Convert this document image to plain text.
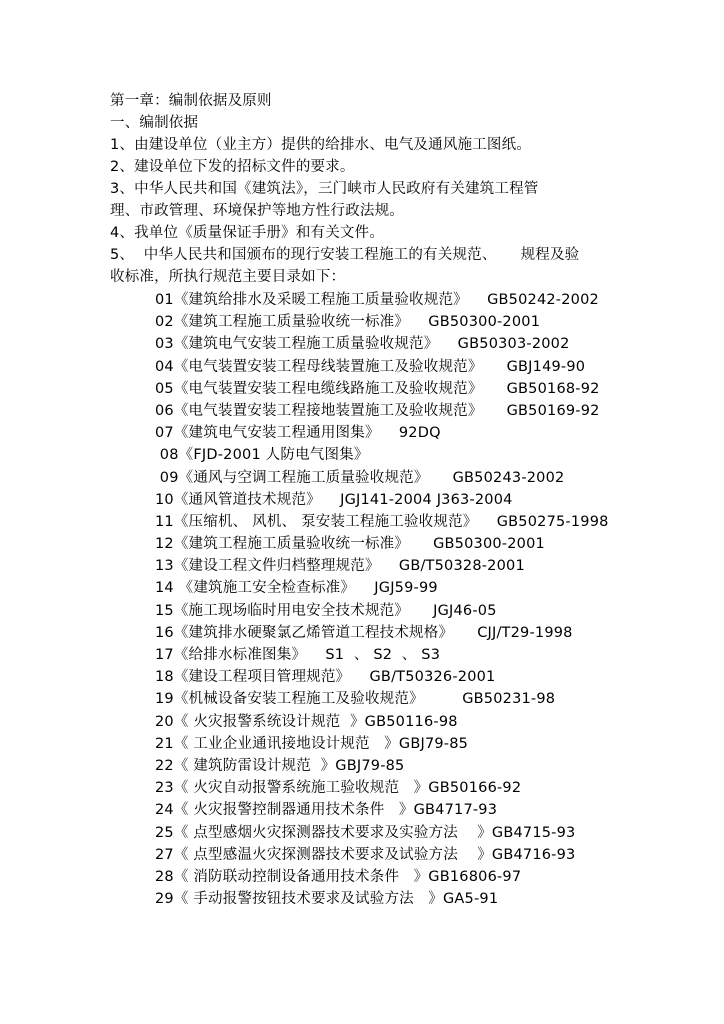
第一章：编制依据及原则
一、编制依据
1、由建设单位（业主方）提供的给排水、电气及通风施工图纸。
2、建设单位下发的招标文件的要求。
3、中华人民共和国《建筑法》，三门峡市人民政府有关建筑工程管
理、市政管理、环境保护等地方性行政法规。
4、我单位《质量保证手册》和有关文件。
5、  中华人民共和国颁布的现行安装工程施工的有关规范、     规程及验
收标准，所执行规范主要目录如下：
01《建筑给排水及采暖工程施工质量验收规范》    GB50242-2002
02《建筑工程施工质量验收统一标准》    GB50300-2001
03《建筑电气安装工程施工质量验收规范》    GB50303-2002
04《电气装置安装工程母线装置施工及验收规范》     GBJ149-90
05《电气装置安装工程电缆线路施工及验收规范》     GB50168-92
06《电气装置安装工程接地装置施工及验收规范》     GB50169-92
07《建筑电气安装工程通用图集》    92DQ
08《FJD-2001 人防电气图集》
09《通风与空调工程施工质量验收规范》     GB50243-2002
10《通风管道技术规范》    JGJ141-2004 J363-2004
11《压缩机、 风机、 泵安装工程施工验收规范》    GB50275-1998
12《建筑工程施工质量验收统一标准》     GB50300-2001
13《建设工程文件归档整理规范》    GB/T50328-2001
14 《建筑施工安全检查标准》    JGJ59-99
15《施工现场临时用电安全技术规范》     JGJ46-05
16《建筑排水硬聚氯乙烯管道工程技术规格》     CJJ/T29-1998
17《给排水标准图集》    S1  、 S2  、 S3
18《建设工程项目管理规范》    GB/T50326-2001
19《机械设备安装工程施工及验收规范》        GB50231-98
20《 火灾报警系统设计规范  》GB50116-98
21《 工业企业通讯接地设计规范   》GBJ79-85
22《 建筑防雷设计规范  》GBJ79-85
23《 火灾自动报警系统施工验收规范   》GB50166-92
24《 火灾报警控制器通用技术条件   》GB4717-93
25《 点型感烟火灾探测器技术要求及实验方法    》GB4715-93
27《 点型感温火灾探测器技术要求及试验方法    》GB4716-93
28《 消防联动控制设备通用技术条件   》GB16806-97
29《 手动报警按钮技术要求及试验方法   》GA5-91
